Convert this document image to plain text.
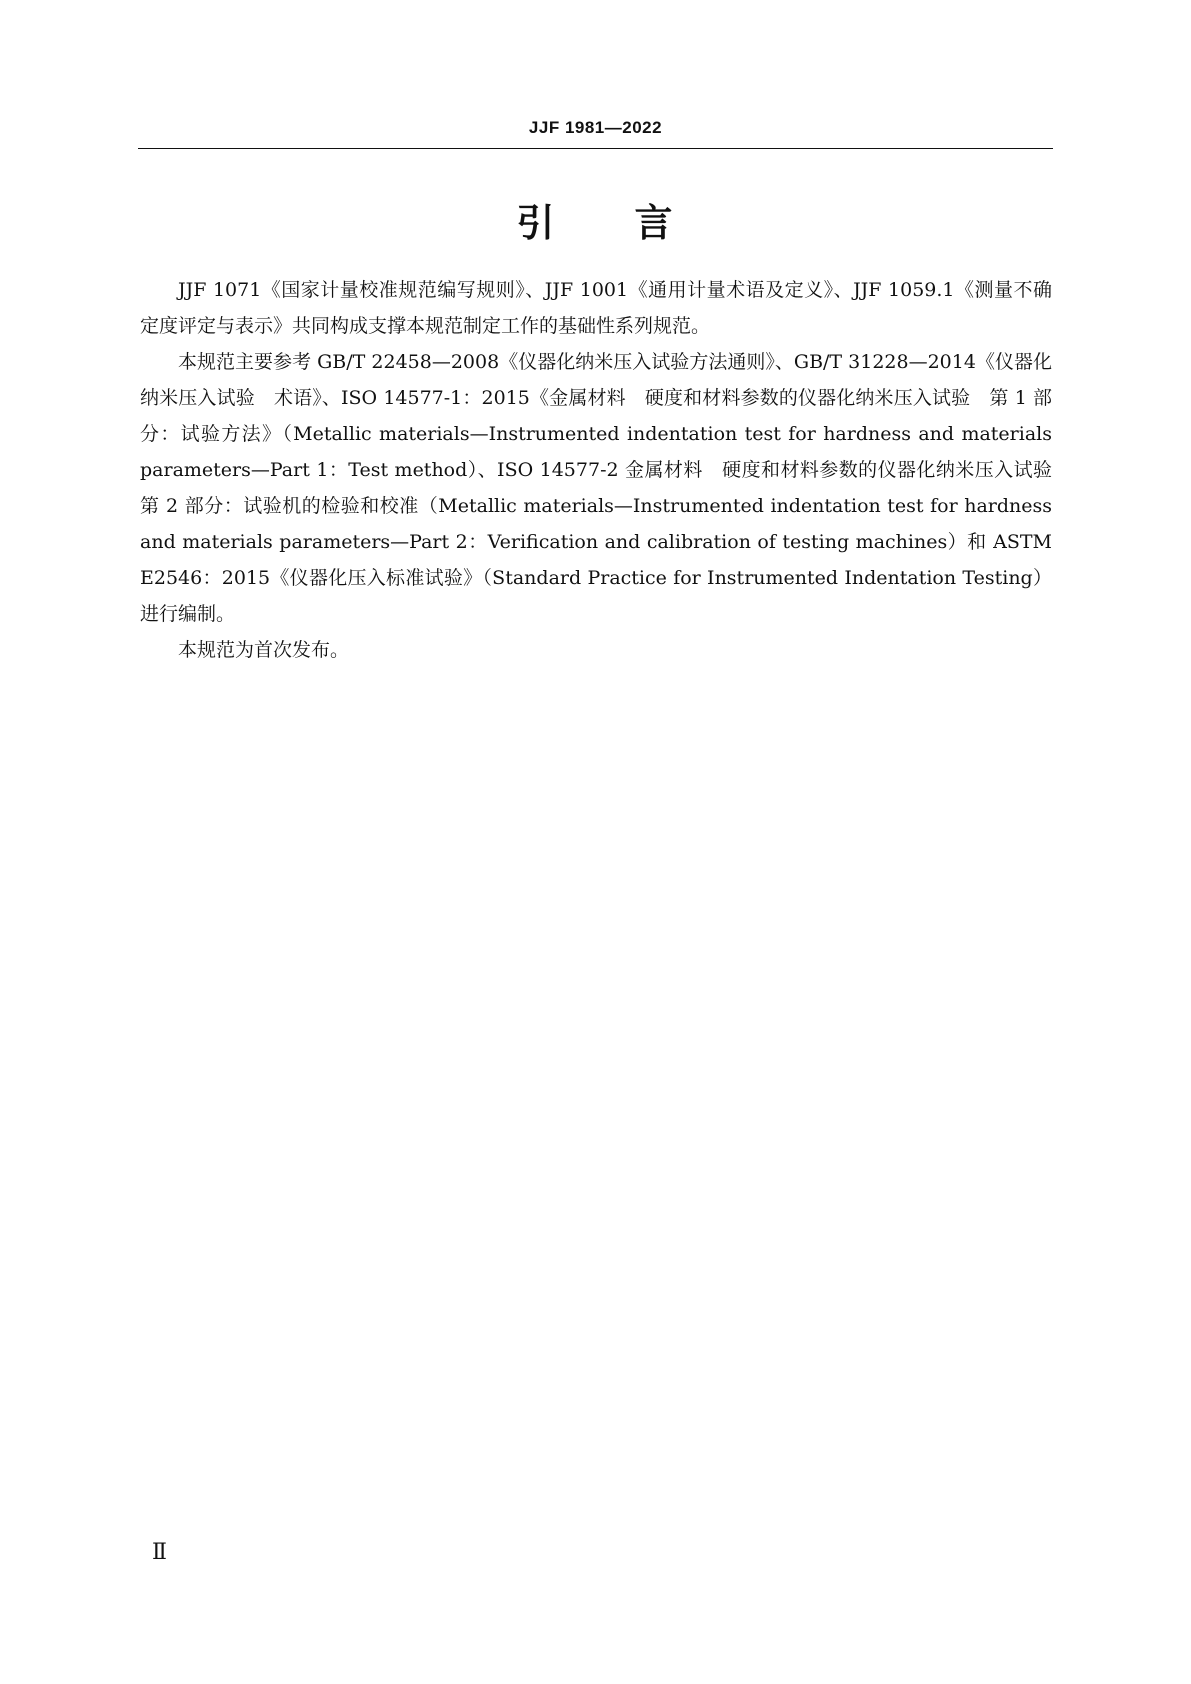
JJF 1981—2022
引 言

JJF 1071《国家计量校准规范编写规则》、JJF 1001《通用计量术语及定义》、JJF 1059.1《测量不确定度评定与表示》共同构成支撑本规范制定工作的基础性系列规范。

本规范主要参考 GB/T 22458—2008《仪器化纳米压入试验方法通则》、GB/T 31228—2014《仪器化纳米压入试验　术语》、ISO 14577-1：2015《金属材料　硬度和材料参数的仪器化纳米压入试验　第 1 部分：试验方法》（Metallic materials—Instrumented indentation test for hardness and materials parameters—Part 1：Test method）、ISO 14577-2 金属材料　硬度和材料参数的仪器化纳米压入试验　第 2 部分：试验机的检验和校准（Metallic materials—Instrumented indentation test for hardness and materials parameters—Part 2：Verification and calibration of testing machines）和 ASTM E2546：2015《仪器化压入标准试验》（Standard Practice for Instrumented Indentation Testing）进行编制。

本规范为首次发布。

Ⅱ
